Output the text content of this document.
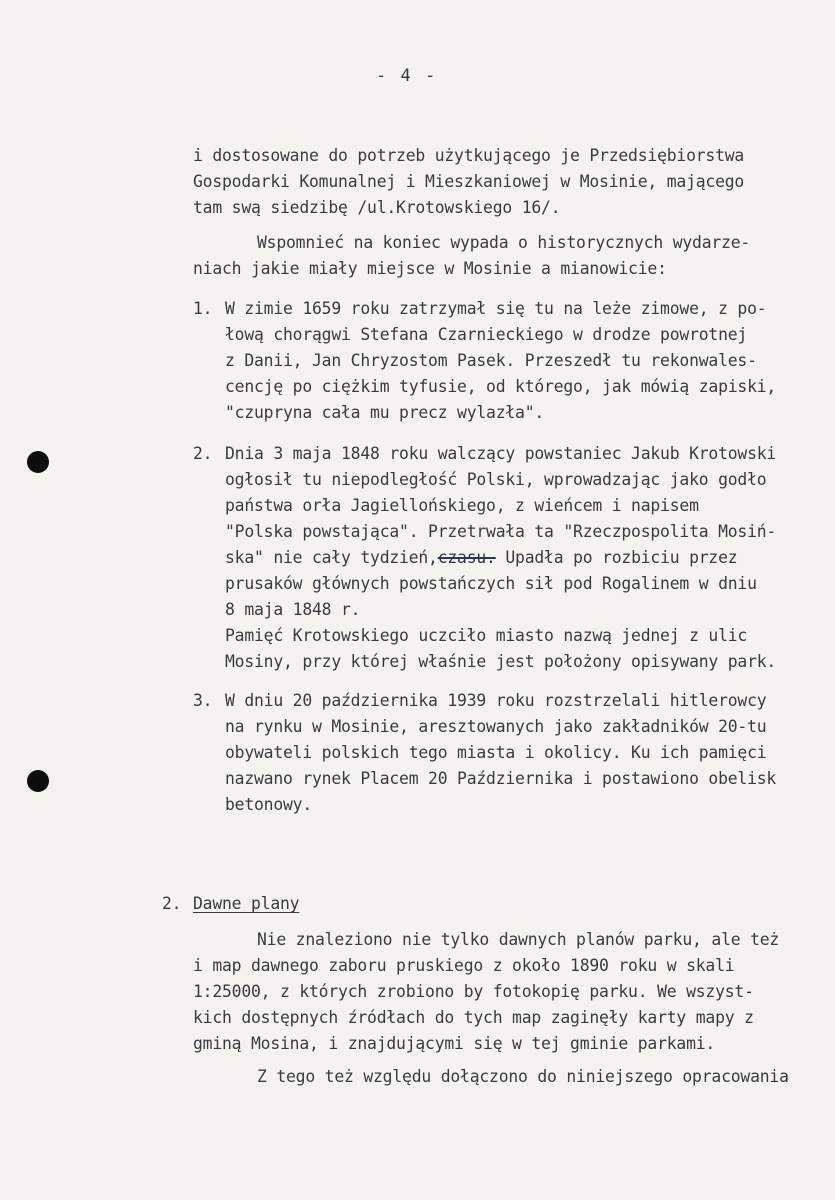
- 4 -
i dostosowane do potrzeb użytkującego je Przedsiębiorstwa
Gospodarki Komunalnej i Mieszkaniowej w Mosinie, mającego
tam swą siedzibę /ul.Krotowskiego 16/.
Wspomnieć na koniec wypada o historycznych wydarze-
niach jakie miały miejsce w Mosinie a mianowicie:
1. W zimie 1659 roku zatrzymał się tu na leże zimowe, z po-
łową chorągwi Stefana Czarnieckiego w drodze powrotnej
z Danii, Jan Chryzostom Pasek. Przeszedł tu rekonwales-
cencję po ciężkim tyfusie, od którego, jak mówią zapiski,
"czupryna cała mu precz wylazła".
2. Dnia 3 maja 1848 roku walczący powstaniec Jakub Krotowski
ogłosił tu niepodległość Polski, wprowadzając jako godło
państwa orła Jagiellońskiego, z wieńcem i napisem
"Polska powstająca". Przetrwała ta "Rzeczpospolita Mosiń-
ska" nie cały tydzień,czasu. Upadła po rozbiciu przez
prusaków głównych powstańczych sił pod Rogalinem w dniu
8 maja 1848 r.
Pamięć Krotowskiego uczciło miasto nazwą jednej z ulic
Mosiny, przy której właśnie jest położony opisywany park.
3. W dniu 20 października 1939 roku rozstrzelali hitlerowcy
na rynku w Mosinie, aresztowanych jako zakładników 20-tu
obywateli polskich tego miasta i okolicy. Ku ich pamięci
nazwano rynek Placem 20 Października i postawiono obelisk
betonowy.
2. Dawne plany
Nie znaleziono nie tylko dawnych planów parku, ale też
i map dawnego zaboru pruskiego z około 1890 roku w skali
1:25000, z których zrobiono by fotokopię parku. We wszyst-
kich dostępnych źródłach do tych map zaginęły karty mapy z
gminą Mosina, i znajdującymi się w tej gminie parkami.
Z tego też względu dołączono do niniejszego opracowania
